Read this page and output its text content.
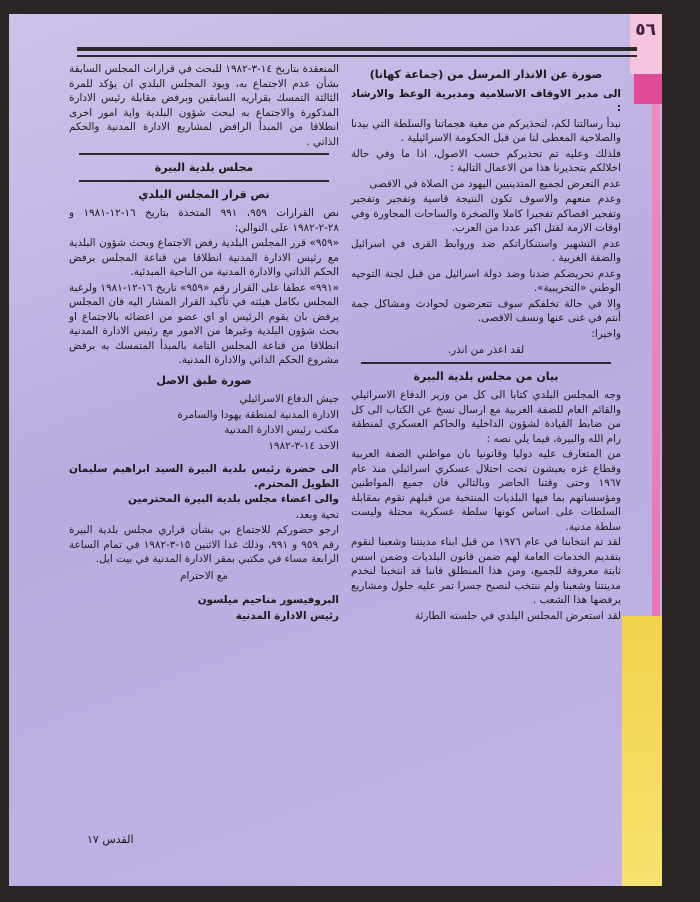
٥٦

صورة عن الانذار المرسل من (جماعة كهانا)

الى مدير الاوقاف الاسلامية ومديرية الوعظ والارشاد :

نبدأ رسالتنا لكم، لتحذيركم من مغبة هجماتنا والسلطة التي بيدنا والصلاحية المعطى لنا من قبل الحكومة الاسرائيلية .

فلذلك وعليه تم تحذيركم حسب الاصول، اذا ما وفي حالة اخلالكم بتحذيرنا هذا من الاعمال التالية :

عدم التعرض لجميع المتدينيين اليهود من الصلاة في الاقصى

وعدم منعهم والاسوف تكون النتيجة قاسية وتفجير وتفجير وتفجير اقصاكم تفجيرا كاملا والصخرة والساحات المجاورة وفي اوقات الازمة لقتل اكبر عددا من العرب.

عدم التشهير واستنكاراتكم ضد وروابط القرى في اسرائيل والضفة الغربية .

وعدم تحريضكم ضدنا وضد دولة اسرائيل من قبل لجنة التوجيه الوطني «التخريبية».

والا في حالة تخلفكم سوف تتعرضون لحوادث ومشاكل جمة أنتم في غنى عنها ونسف الاقصى.

واخيرا:

لقد اعذر من انذر.

بيان من مجلس بلدية البيرة

وجه المجلس البلدي كتابا الى كل من وزير الدفاع الاسرائيلي والقائم العام للضفة الغربية مع ارسال نسخ عن الكتاب الى كل من ضابط القيادة لشؤون الداخلية والحاكم العسكري لمنطقة رام الله والبيرة، فيما يلي نصه :

من المتعارف عليه دوليا وقانونيا بان مواطني الضفة العربية وقطاع غزه يعيشون تحت احتلال عسكري اسرائيلي منذ عام ١٩٦٧ وحتى وقتنا الحاضر وبالتالي فان جميع المواطنين ومؤسساتهم بما فيها البلديات المنتخبة من قبلهم تقوم بمقابلة السلطات على اساس كونها سلطة عسكرية محتلة وليست سلطة مدنية.

لقد تم انتخابنا في عام ١٩٧٦ من قبل ابناء مدينتنا وشعبنا لنقوم بتقديم الخدمات العامة لهم ضمن قانون البلديات وضمن اسس ثابتة معروفة للجميع، ومن هذا المنطلق فاننا قد انتخبنا لنخدم مدينتنا وشعبنا ولم ننتخب لنصبح جسرا تمر عليه حلول ومشاريع يرفضها هذا الشعب .

لقد استعرض المجلس البلدي في جلسته الطارئة

المنعقدة بتاريخ ١٤-٣-١٩٨٢ للبحث في قرارات المجلس السابقة بشأن عدم الاجتماع به، ويود المجلس البلدي ان يؤكد للمرة الثالثة التمسك بقراريه السابقين وبرفض مقابلة رئيس الادارة المذكورة والاجتماع به لبحث شؤون البلدية واية امور اخرى انطلاقا من المبدأ الرافض لمشاريع الادارة المدنية والحكم الذاتي .

مجلس بلدية البيرة

نص قرار المجلس البلدي

نص القرارات ٩٥٩، ٩٩١ المتخذة بتاريخ ١٦-١٢-١٩٨١ و ٢٨-٢-١٩٨٢ على التوالي:

«٩٥٩» قرر المجلس البلدية رفض الاجتماع وبحث شؤون البلدية مع رئيس الادارة المدنية انطلاقا من قناعة المجلس برفض الحكم الذاتي والادارة المدنية من الناحية المبدئية.

«٩٩١» عطفا على القرار رقم «٩٥٩» تاريخ ١٦-١٢-١٩٨١ ولرغبة المجلس بكامل هيئته في تأكيد القرار المشار اليه فان المجلس يرفض بان يقوم الرئيس او اي عضو من اعضائه بالاجتماع او بحث شؤون البلدية وغيرها من الامور مع رئيس الادارة المدنية انطلاقا من قناعة المجلس التامة بالمبدأ المتمسك به برفض مشروع الحكم الذاتي والادارة المدنية.

صورة طبق الاصل

جيش الدفاع الاسرائيلي

الادارة المدنية لمنطقة يهودا والسامرة

مكتب رئيس الادارة المدنية

الاحد ١٤-٣-١٩٨٢

الى حضرة رئيس بلدية البيرة السيد ابراهيم سليمان الطويل المحترم.

والى اعضاء مجلس بلدية البيرة المحترمين

تحية وبعد،

ارجو حضوركم للاجتماع بي بشأن قراري مجلس بلدية البيرة رقم ٩٥٩ و ٩٩١، وذلك غدا الاثنين ١٥-٣-١٩٨٢ في تمام الساعة الرابعة مساء في مكتبي بمقر الادارة المدنية في بيت ايل.

مع الاحترام

البروفيسور مناحيم ميلسون

رئيس الادارة المدنية

القدس ١٧
